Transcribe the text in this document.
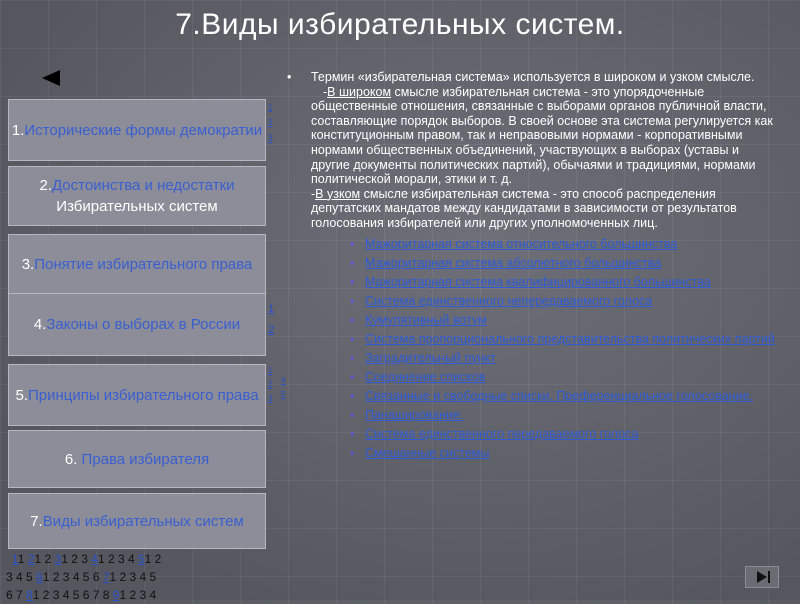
7.Виды избирательных систем.
1.Исторические формы демократии
2.Достоинства и недостатки
Избирательных систем
3.Понятие избирательного права
4.Законы о выборах в России
5.Принципы избирательного права
6. Права избирателя
7.Виды избирательных систем
1
2
3
1
2
1
2
3
4
5

• Термин «избирательная система» используется в широком и узком смысле.

-В широком смысле избирательная система - это упорядоченные общественные отношения, связанные с выборами органов публичной власти, составляющие порядок выборов. В своей основе эта система регулируется как конституционным правом, так и неправовыми нормами - корпоративными нормами общественных объединений, участвующих в выборах (уставы и другие документы политических партий), обычаями и традициями, нормами политической морали, этики и т. д.

-В узком смысле избирательная система - это способ распределения депутатских мандатов между кандидатами в зависимости от результатов голосования избирателей или других уполномоченных лиц.

▪ Мажоритарная система относительного большинства
▪ Мажоритарная система абсолютного большинства
▪ Мажоритарная система квалифицированного большинства
▪ Система единственного непередаваемого голоса
▪ Кумулятивный вотум
▪ Система пропорционального представительства политических партий
▪ Заградительный пункт
▪ Соединение списков
▪ Связанные и свободные списки. Преференциальное голосование.
▪ Панаширование.
▪ Система единственного передаваемого голоса
▪ Смешанные системы
11 21 2 31 2 3 41 2 3 4 51 2
3 4 5 61 2 3 4 5 6 71 2 3 4 5
6 7 81 2 3 4 5 6 7 8 91 2 3 4
